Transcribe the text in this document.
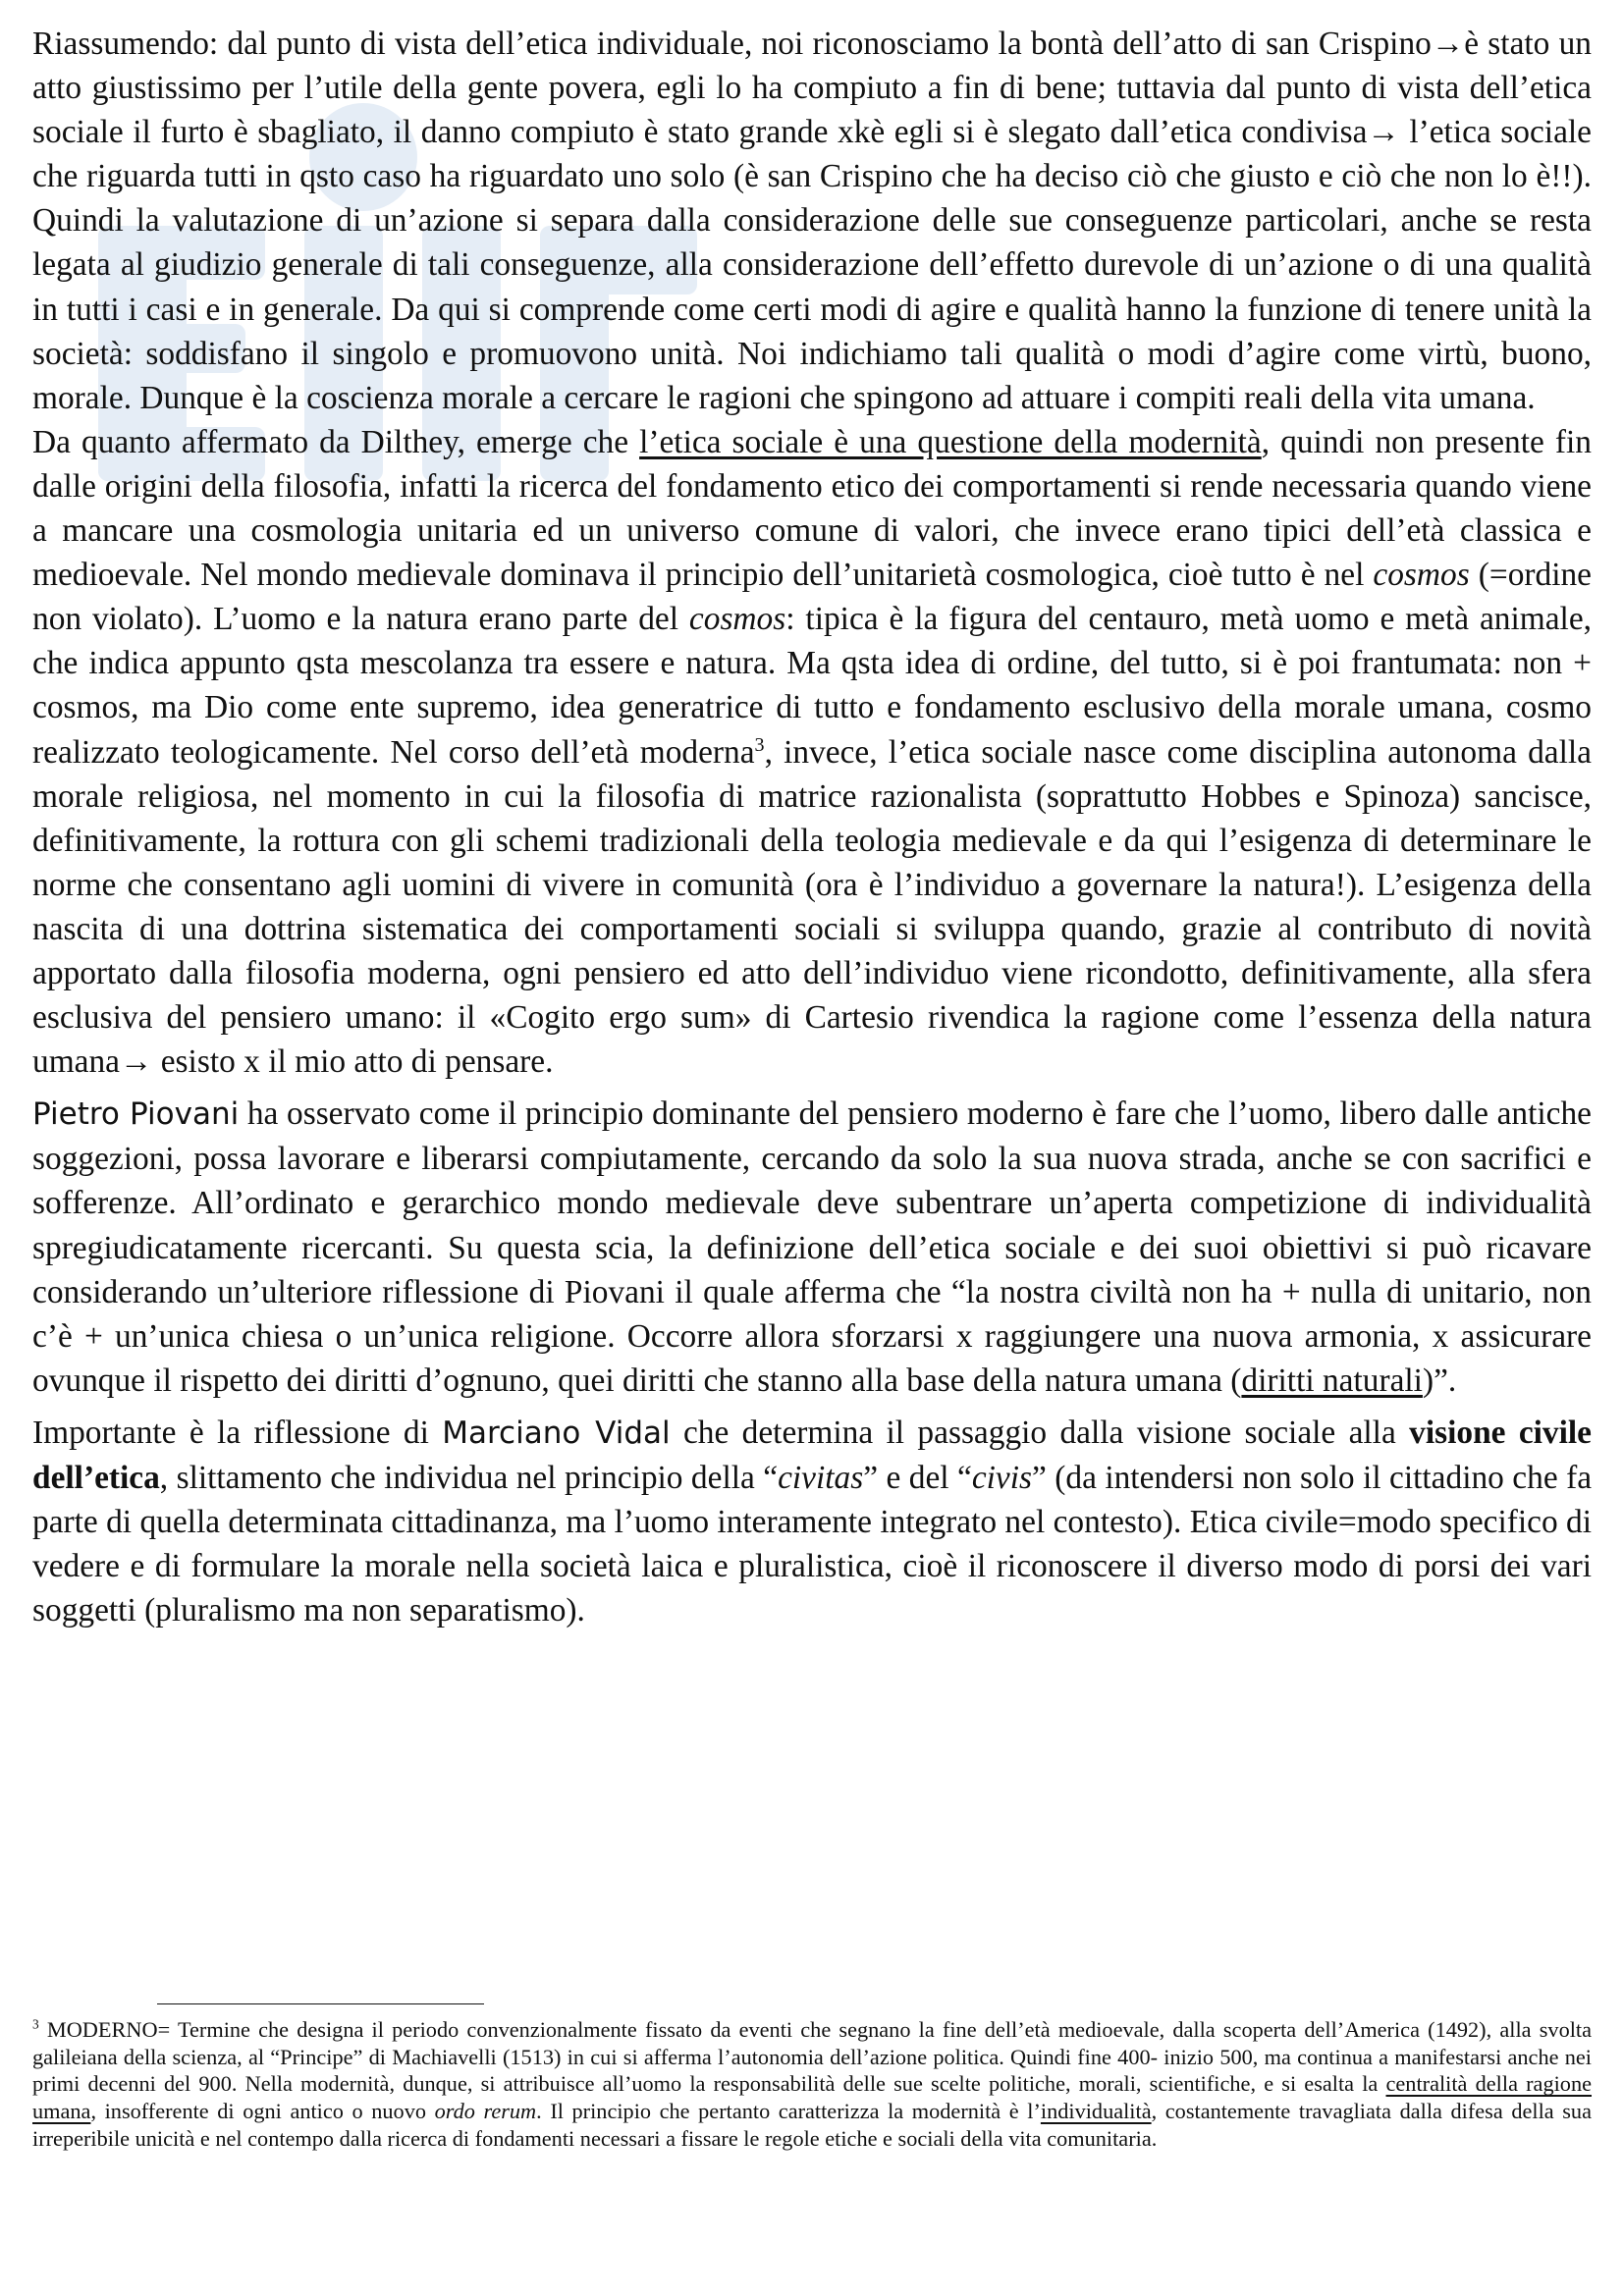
Riassumendo: dal punto di vista dell’etica individuale, noi riconosciamo la bontà dell’atto di san Crispino→è stato un atto giustissimo per l’utile della gente povera, egli lo ha compiuto a fin di bene; tuttavia dal punto di vista dell’etica sociale il furto è sbagliato, il danno compiuto è stato grande xkè egli si è slegato dall’etica condivisa→ l’etica sociale che riguarda tutti in qsto caso ha riguardato uno solo (è san Crispino che ha deciso ciò che giusto e ciò che non lo è!!). Quindi la valutazione di un’azione si separa dalla considerazione delle sue conseguenze particolari, anche se resta legata al giudizio generale di tali conseguenze, alla considerazione dell’effetto durevole di un’azione o di una qualità in tutti i casi e in generale. Da qui si comprende come certi modi di agire e qualità hanno la funzione di tenere unità la società: soddisfano il singolo e promuovono unità. Noi indichiamo tali qualità o modi d’agire come virtù, buono, morale. Dunque è la coscienza morale a cercare le ragioni che spingono ad attuare i compiti reali della vita umana.

Da quanto affermato da Dilthey, emerge che l’etica sociale è una questione della modernità, quindi non presente fin dalle origini della filosofia, infatti la ricerca del fondamento etico dei comportamenti si rende necessaria quando viene a mancare una cosmologia unitaria ed un universo comune di valori, che invece erano tipici dell’età classica e medioevale. Nel mondo medievale dominava il principio dell’unitarietà cosmologica, cioè tutto è nel cosmos (=ordine non violato). L’uomo e la natura erano parte del cosmos: tipica è la figura del centauro, metà uomo e metà animale, che indica appunto qsta mescolanza tra essere e natura. Ma qsta idea di ordine, del tutto, si è poi frantumata: non + cosmos, ma Dio come ente supremo, idea generatrice di tutto e fondamento esclusivo della morale umana, cosmo realizzato teologicamente. Nel corso dell’età moderna$^3$, invece, l’etica sociale nasce come disciplina autonoma dalla morale religiosa, nel momento in cui la filosofia di matrice razionalista (soprattutto Hobbes e Spinoza) sancisce, definitivamente, la rottura con gli schemi tradizionali della teologia medievale e da qui l’esigenza di determinare le norme che consentano agli uomini di vivere in comunità (ora è l’individuo a governare la natura!). L’esigenza della nascita di una dottrina sistematica dei comportamenti sociali si sviluppa quando, grazie al contributo di novità apportato dalla filosofia moderna, ogni pensiero ed atto dell’individuo viene ricondotto, definitivamente, alla sfera esclusiva del pensiero umano: il «Cogito ergo sum» di Cartesio rivendica la ragione come l’essenza della natura umana→ esisto x il mio atto di pensare.

Pietro Piovani ha osservato come il principio dominante del pensiero moderno è fare che l’uomo, libero dalle antiche soggezioni, possa lavorare e liberarsi compiutamente, cercando da solo la sua nuova strada, anche se con sacrifici e sofferenze. All’ordinato e gerarchico mondo medievale deve subentrare un’aperta competizione di individualità spregiudicatamente ricercanti. Su questa scia, la definizione dell’etica sociale e dei suoi obiettivi si può ricavare considerando un’ulteriore riflessione di Piovani il quale afferma che “la nostra civiltà non ha + nulla di unitario, non c’è + un’unica chiesa o un’unica religione. Occorre allora sforzarsi x raggiungere una nuova armonia, x assicurare ovunque il rispetto dei diritti d’ognuno, quei diritti che stanno alla base della natura umana (diritti naturali)”.

Importante è la riflessione di Marciano Vidal che determina il passaggio dalla visione sociale alla visione civile dell’etica, slittamento che individua nel principio della “civitas” e del “civis” (da intendersi non solo il cittadino che fa parte di quella determinata cittadinanza, ma l’uomo interamente integrato nel contesto). Etica civile=modo specifico di vedere e di formulare la morale nella società laica e pluralistica, cioè il riconoscere il diverso modo di porsi dei vari soggetti (pluralismo ma non separatismo).

$^3$ MODERNO= Termine che designa il periodo convenzionalmente fissato da eventi che segnano la fine dell’età medioevale, dalla scoperta dell’America (1492), alla svolta galileiana della scienza, al “Principe” di Machiavelli (1513) in cui si afferma l’autonomia dell’azione politica. Quindi fine 400- inizio 500, ma continua a manifestarsi anche nei primi decenni del 900. Nella modernità, dunque, si attribuisce all’uomo la responsabilità delle sue scelte politiche, morali, scientifiche, e si esalta la centralità della ragione umana, insofferente di ogni antico o nuovo ordo rerum. Il principio che pertanto caratterizza la modernità è l’individualità, costantemente travagliata dalla difesa della sua irreperibile unicità e nel contempo dalla ricerca di fondamenti necessari a fissare le regole etiche e sociali della vita comunitaria.
